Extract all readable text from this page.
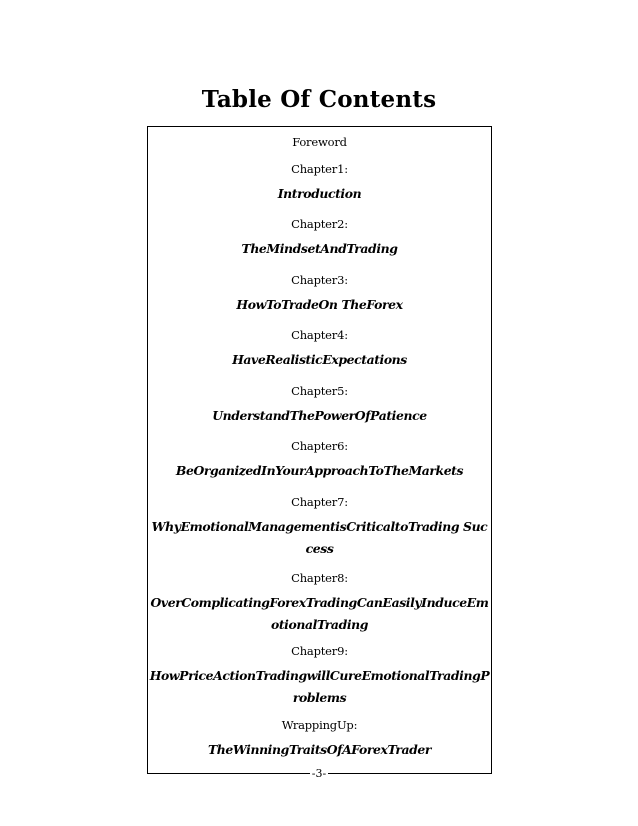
Table Of Contents
Foreword
Chapter1:
Introduction
Chapter2:
TheMindsetAndTrading
Chapter3:
HowToTradeOn TheForex
Chapter4:
HaveRealisticExpectations
Chapter5:
UnderstandThePowerOfPatience
Chapter6:
BeOrganizedInYourApproachToTheMarkets
Chapter7:
WhyEmotionalManagementisCriticaltoTrading Success
Chapter8:
OverComplicatingForexTradingCanEasilyInduceEmotionalTrading
Chapter9:
HowPriceActionTradingwillCureEmotionalTradingProblems
WrappingUp:
TheWinningTraitsOfAForexTrader
-3-
